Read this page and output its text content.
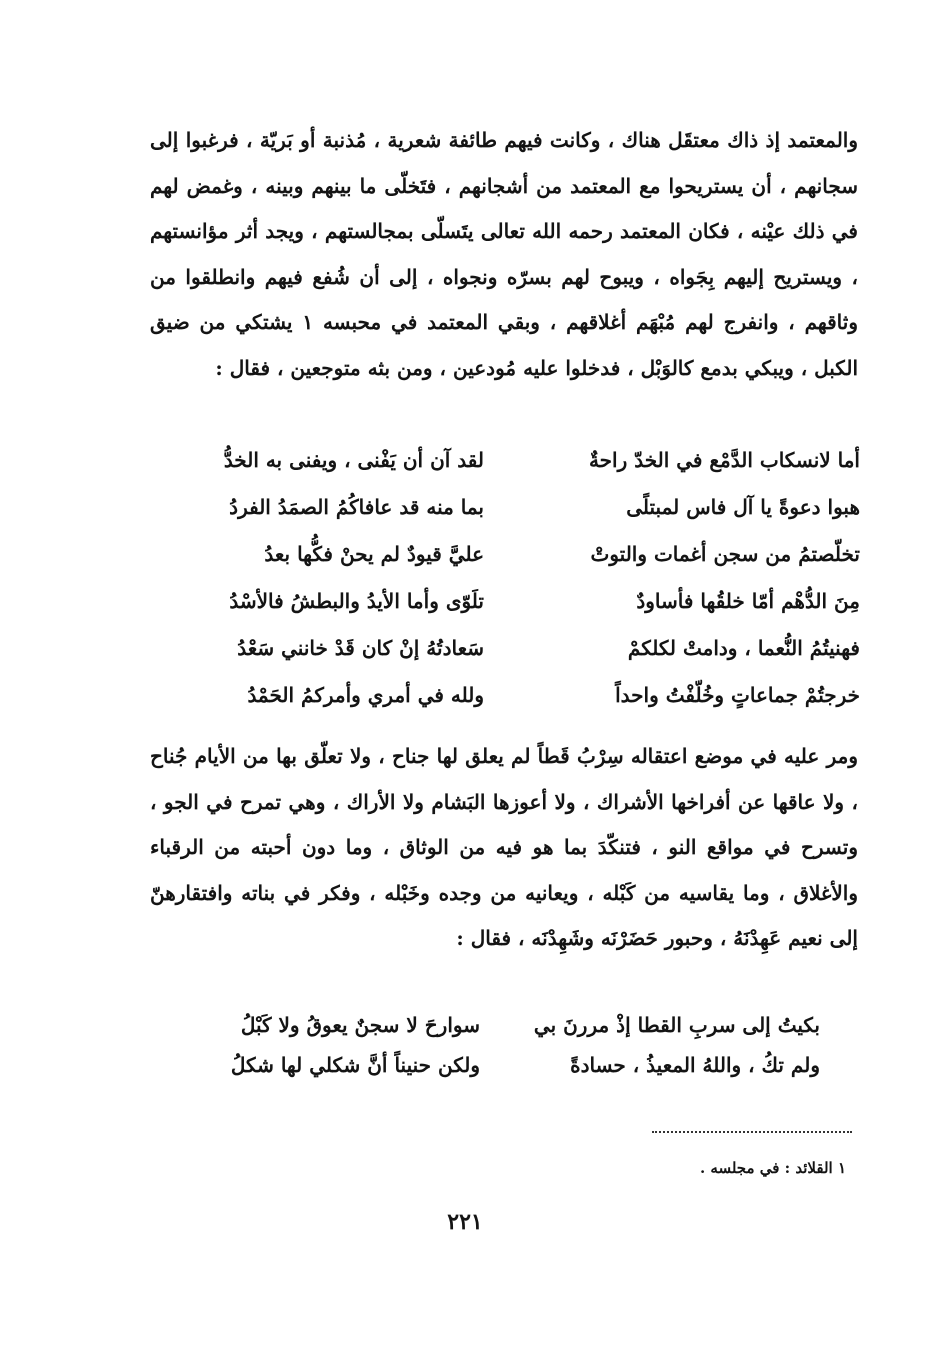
والمعتمد إذ ذاك معتقَل هناك ، وكانت فيهم طائفة شعرية ، مُذنبة أو بَريّة ، فرغبوا إلى سجانهم ، أن يستريحوا مع المعتمد من أشجانهم ، فتَخلّى ما بينهم وبينه ، وغمض لهم في ذلك عيْنه ، فكان المعتمد رحمه الله تعالى يتَسلّى بمجالستهم ، ويجد أثر مؤانستهم ، ويستريح إليهم بِجَواه ، ويبوح لهم بسرّه ونجواه ، إلى أن شُفع فيهم وانطلقوا من وثاقهم ، وانفرج لهم مُبْهَم أغلاقهم ، وبقي المعتمد في محبسه ١ يشتكي من ضيق الكبل ، ويبكي بدمع كالوَبْل ، فدخلوا عليه مُودعين ، ومن بثه متوجعين ، فقال :

أما لانسكاب الدَّمْع في الخدّ راحةٌ
لقد آن أن يَفْنى ، ويفنى به الخدُّ
هبوا دعوةً يا آل فاس لمبتلًى
بما منه قد عافاكُمُ الصمَدُ الفردُ
تخلّصتمُ من سجن أغمات والتوتْ
عليَّ قيودٌ لم يحنْ فكُّها بعدُ
مِنَ الدُّهْم أمّا خلقُها فأساودٌ
تلَوّى وأما الأيدُ والبطشُ فالأسْدُ
فهنيتُمُ النُّعما ، ودامتْ لكلكمْ
سَعادتُهُ إنْ كان قَدْ خانني سَعْدُ
خرجتُمْ جماعاتٍ وخُلّفْتُ واحداً
ولله في أمري وأمركمُ الحَمْدُ

ومر عليه في موضع اعتقاله سِرْبُ قَطاً لم يعلق لها جناح ، ولا تعلّق بها من الأيام جُناح ، ولا عاقها عن أفراخها الأشراك ، ولا أعوزها البَشام ولا الأراك ، وهي تمرح في الجو ، وتسرح في مواقع النو ، فتنكّدَ بما هو فيه من الوثاق ، وما دون أحبته من الرقباء والأغلاق ، وما يقاسيه من كَبْله ، ويعانيه من وجده وخَبْله ، وفكر في بناته وافتقارهنّ إلى نعيم عَهِدْنَهُ ، وحبور حَضَرْنَه وشَهِدْنَه ، فقال :

بكيتُ إلى سربِ القطا إذْ مررنَ بي
سوارحَ لا سجنٌ يعوقُ ولا كَبْلُ
ولم تكُ ، واللهُ المعيذُ ، حسادةً
ولكن حنيناً أنَّ شكلي لها شكلُ
١ القلائد : في مجلسه .
٢٢١
